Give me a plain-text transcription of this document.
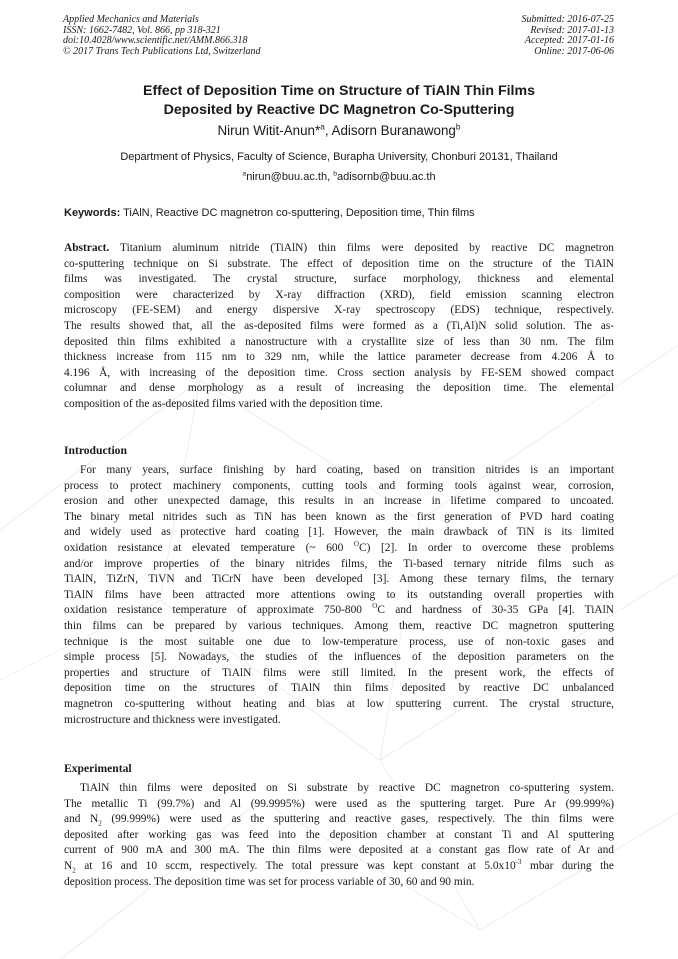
Applied Mechanics and Materials
ISSN: 1662-7482, Vol. 866, pp 318-321
doi:10.4028/www.scientific.net/AMM.866.318
© 2017 Trans Tech Publications Ltd, Switzerland
Submitted: 2016-07-25
Revised: 2017-01-13
Accepted: 2017-01-16
Online: 2017-06-06
Effect of Deposition Time on Structure of TiAlN Thin Films
Deposited by Reactive DC Magnetron Co-Sputtering
Nirun Witit-Anun*$^a$, Adisorn Buranawong$^b$
Department of Physics, Faculty of Science, Burapha University, Chonburi 20131, Thailand
$^a$nirun@buu.ac.th, $^b$adisornb@buu.ac.th
Keywords: TiAlN, Reactive DC magnetron co-sputtering, Deposition time, Thin films
Abstract. Titanium aluminum nitride (TiAlN) thin films were deposited by reactive DC magnetron
co-sputtering technique on Si substrate. The effect of deposition time on the structure of the TiAlN
films was investigated. The crystal structure, surface morphology, thickness and elemental
composition were characterized by X-ray diffraction (XRD), field emission scanning electron
microscopy (FE-SEM) and energy dispersive X-ray spectroscopy (EDS) technique, respectively.
The results showed that, all the as-deposited films were formed as a (Ti,Al)N solid solution. The as-
deposited thin films exhibited a nanostructure with a crystallite size of less than 30 nm. The film
thickness increase from 115 nm to 329 nm, while the lattice parameter decrease from 4.206 Å to
4.196 Å, with increasing of the deposition time. Cross section analysis by FE-SEM showed compact
columnar and dense morphology as a result of increasing the deposition time. The elemental
composition of the as-deposited films varied with the deposition time.
Introduction
For many years, surface finishing by hard coating, based on transition nitrides is an important
process to protect machinery components, cutting tools and forming tools against wear, corrosion,
erosion and other unexpected damage, this results in an increase in lifetime compared to uncoated.
The binary metal nitrides such as TiN has been known as the first generation of PVD hard coating
and widely used as protective hard coating [1]. However, the main drawback of TiN is its limited
oxidation resistance at elevated temperature (~ 600 $^O$C) [2]. In order to overcome these problems
and/or improve properties of the binary nitrides films, the Ti-based ternary nitride films such as
TiAlN, TiZrN, TiVN and TiCrN have been developed [3]. Among these ternary films, the ternary
TiAlN films have been attracted more attentions owing to its outstanding overall properties with
oxidation resistance temperature of approximate 750-800 $^O$C and hardness of 30-35 GPa [4]. TiAlN
thin films can be prepared by various techniques. Among them, reactive DC magnetron sputtering
technique is the most suitable one due to low-temperature process, use of non-toxic gases and
simple process [5]. Nowadays, the studies of the influences of the deposition parameters on the
properties and structure of TiAlN films were still limited. In the present work, the effects of
deposition time on the structures of TiAlN thin films deposited by reactive DC unbalanced
magnetron co-sputtering without heating and bias at low sputtering current. The crystal structure,
microstructure and thickness were investigated.
Experimental
TiAlN thin films were deposited on Si substrate by reactive DC magnetron co-sputtering system.
The metallic Ti (99.7%) and Al (99.9995%) were used as the sputtering target. Pure Ar (99.999%)
and $N_2$ (99.999%) were used as the sputtering and reactive gases, respectively. The thin films were
deposited after working gas was feed into the deposition chamber at constant Ti and Al sputtering
current of 900 mA and 300 mA. The thin films were deposited at a constant gas flow rate of Ar and
$N_2$ at 16 and 10 sccm, respectively. The total pressure was kept constant at $5.0x10^{-3}$ mbar during the
deposition process. The deposition time was set for process variable of 30, 60 and 90 min.
